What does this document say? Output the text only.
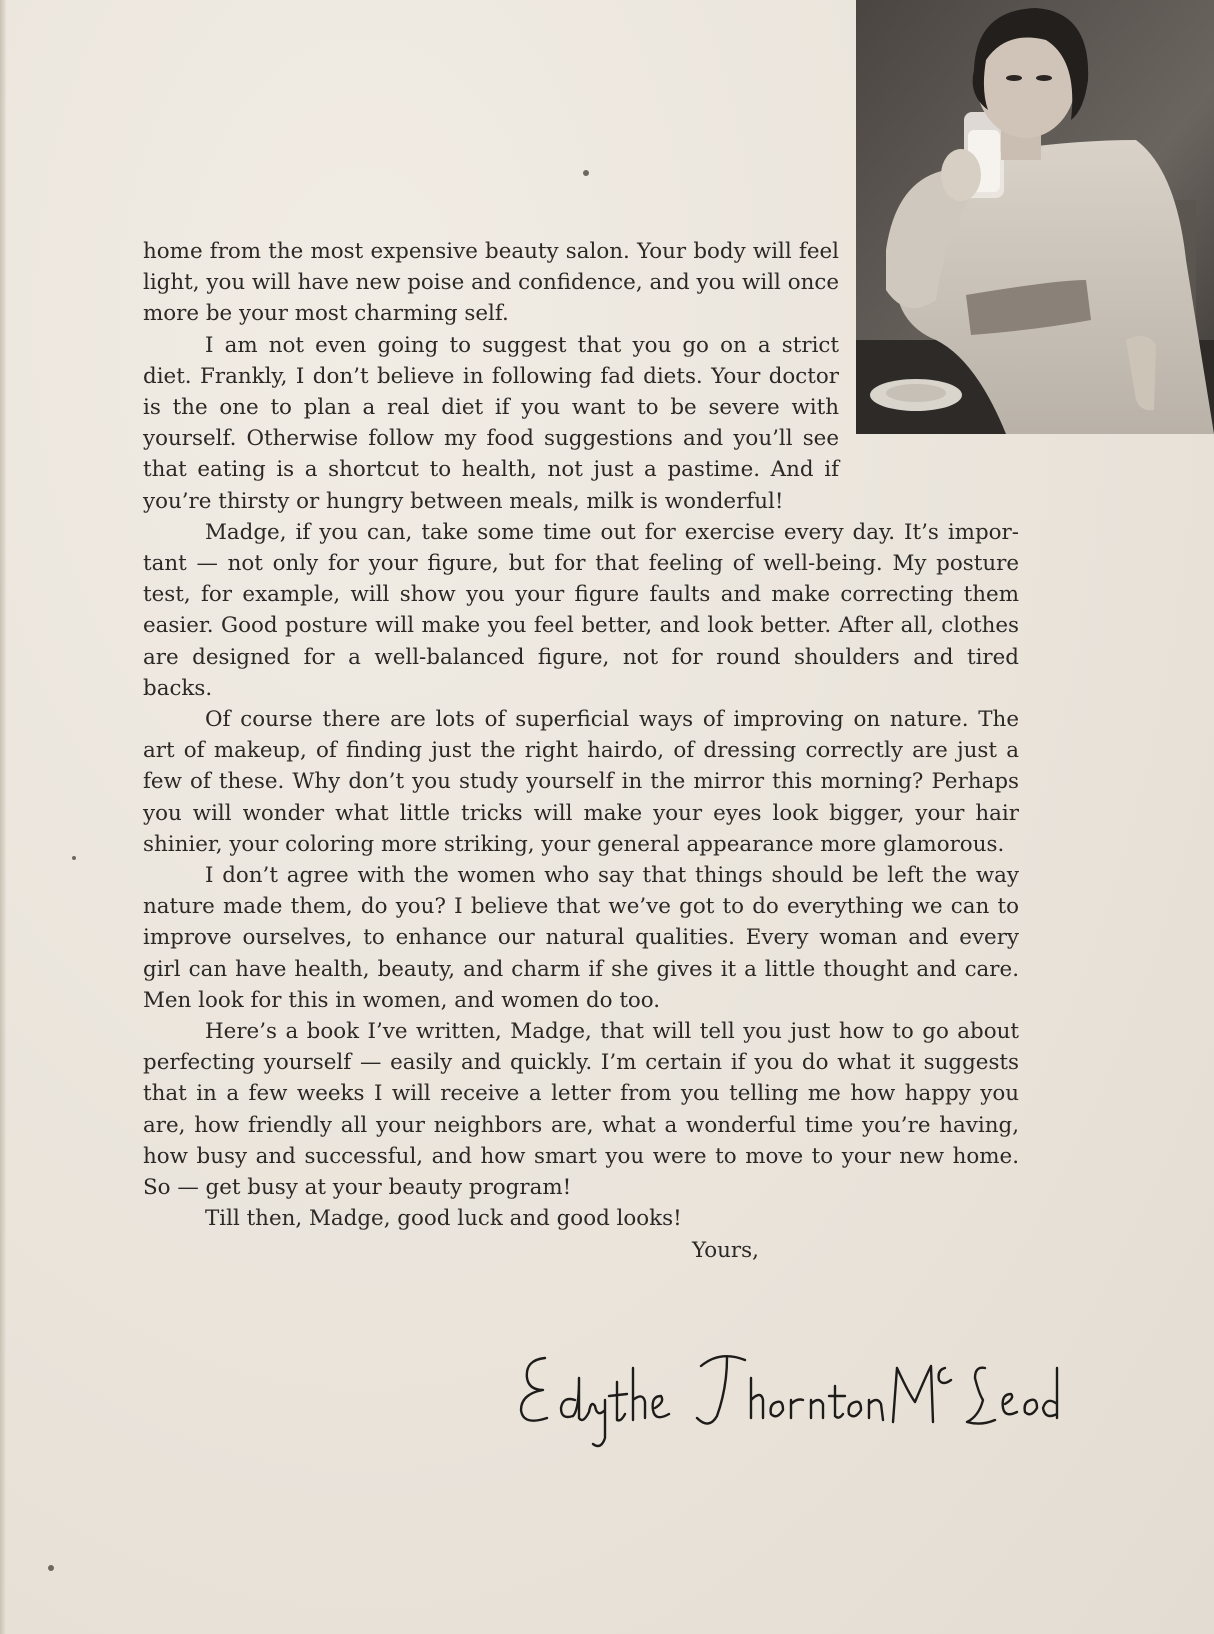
home from the most expensive beauty salon. Your body will feel light, you will have new poise and confidence, and you will once more be your most charming self.

I am not even going to suggest that you go on a strict diet. Frankly, I don’t believe in following fad diets. Your doctor is the one to plan a real diet if you want to be severe with yourself. Otherwise follow my food suggestions and you’ll see that eating is a shortcut to health, not just a pastime. And if you’re thirsty or hungry between meals, milk is wonderful!

Madge, if you can, take some time out for exercise every day. It’s impor-tant — not only for your figure, but for that feeling of well-being. My posture test, for example, will show you your figure faults and make correcting them easier. Good posture will make you feel better, and look better. After all, clothes are designed for a well-balanced figure, not for round shoulders and tired backs.

Of course there are lots of superficial ways of improving on nature. The art of makeup, of finding just the right hairdo, of dressing correctly are just a few of these. Why don’t you study yourself in the mirror this morning? Perhaps you will wonder what little tricks will make your eyes look bigger, your hair shinier, your coloring more striking, your general appearance more glamorous.

I don’t agree with the women who say that things should be left the way nature made them, do you? I believe that we’ve got to do everything we can to improve ourselves, to enhance our natural qualities. Every woman and every girl can have health, beauty, and charm if she gives it a little thought and care. Men look for this in women, and women do too.

Here’s a book I’ve written, Madge, that will tell you just how to go about perfecting yourself — easily and quickly. I’m certain if you do what it suggests that in a few weeks I will receive a letter from you telling me how happy you are, how friendly all your neighbors are, what a wonderful time you’re having, how busy and successful, and how smart you were to move to your new home. So — get busy at your beauty program!

Till then, Madge, good luck and good looks!

Yours,
